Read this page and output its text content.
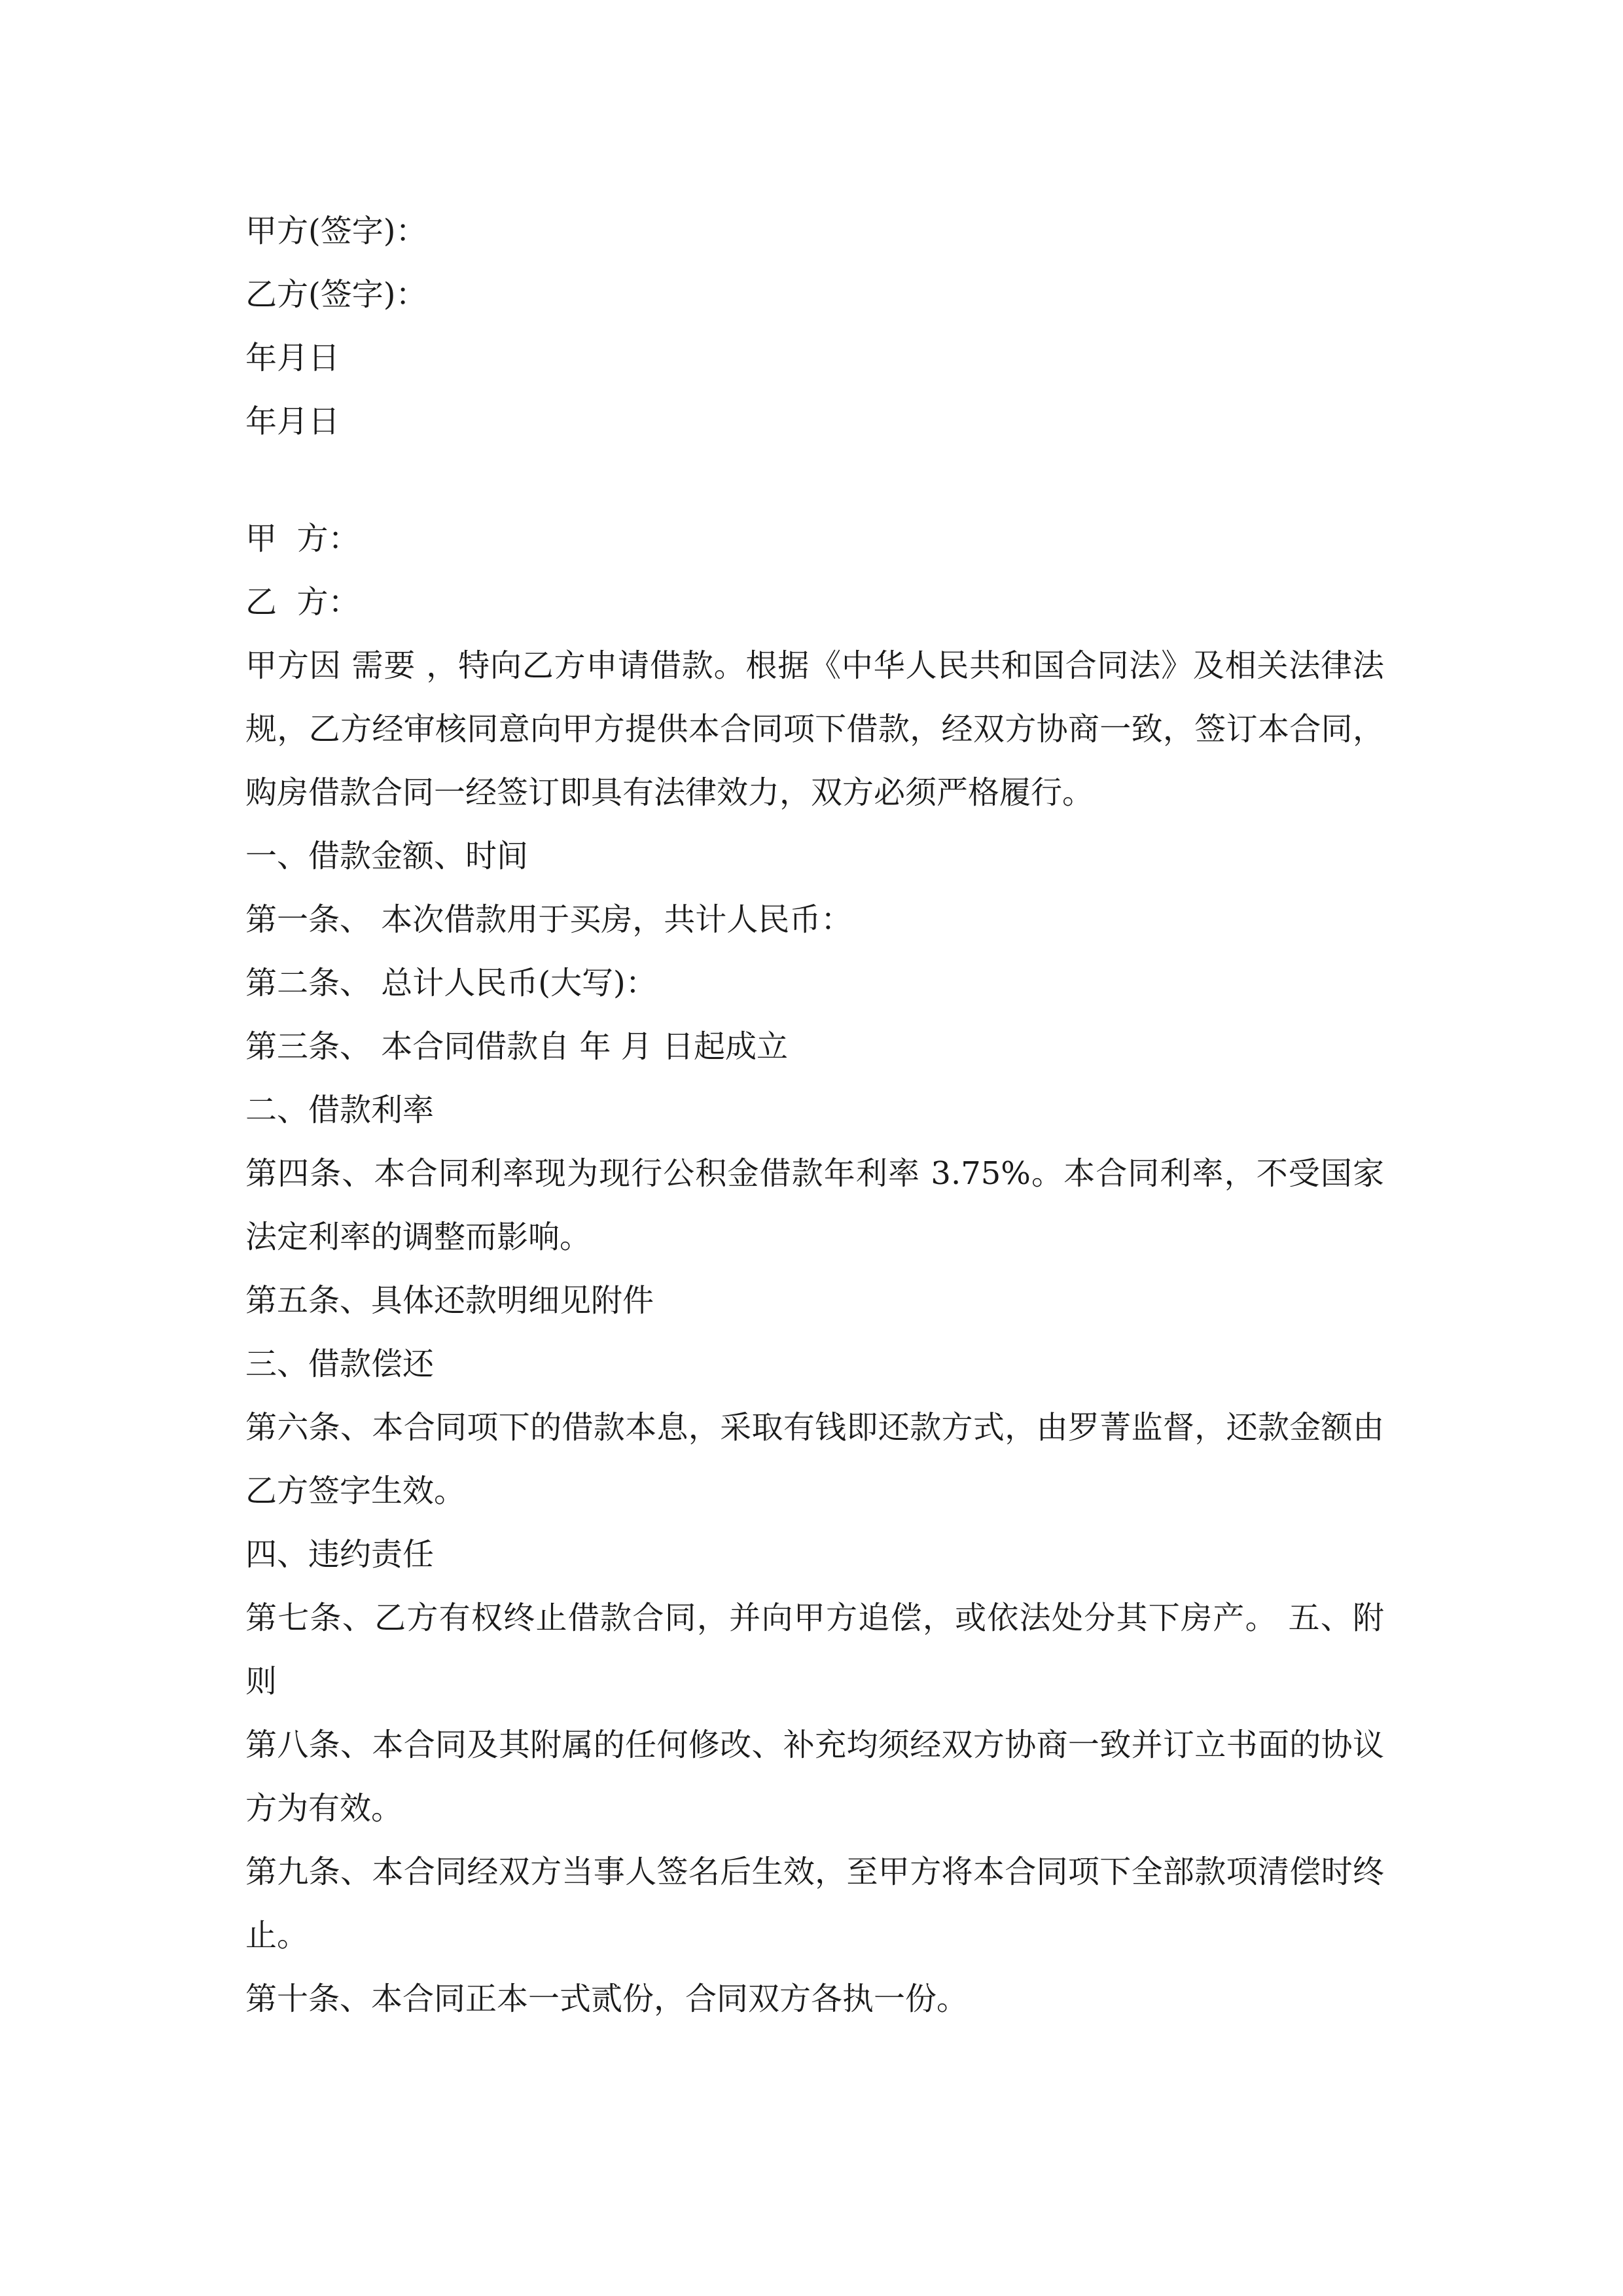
甲方(签字)：

乙方(签字)：

年月日

年月日

甲  方：

乙  方：

甲方因 需要 ，特向乙方申请借款。根据《中华人民共和国合同法》及相关法律法规，乙方经审核同意向甲方提供本合同项下借款，经双方协商一致，签订本合同，购房借款合同一经签订即具有法律效力，双方必须严格履行。

一、借款金额、时间

第一条、 本次借款用于买房，共计人民币：

第二条、 总计人民币(大写)：

第三条、 本合同借款自 年 月 日起成立

二、借款利率

第四条、本合同利率现为现行公积金借款年利率 3.75%。本合同利率，不受国家法定利率的调整而影响。

第五条、具体还款明细见附件

三、借款偿还

第六条、本合同项下的借款本息，采取有钱即还款方式，由罗菁监督，还款金额由乙方签字生效。

四、违约责任

第七条、乙方有权终止借款合同，并向甲方追偿，或依法处分其下房产。 五、附则

第八条、本合同及其附属的任何修改、补充均须经双方协商一致并订立书面的协议方为有效。

第九条、本合同经双方当事人签名后生效，至甲方将本合同项下全部款项清偿时终止。

第十条、本合同正本一式贰份，合同双方各执一份。
